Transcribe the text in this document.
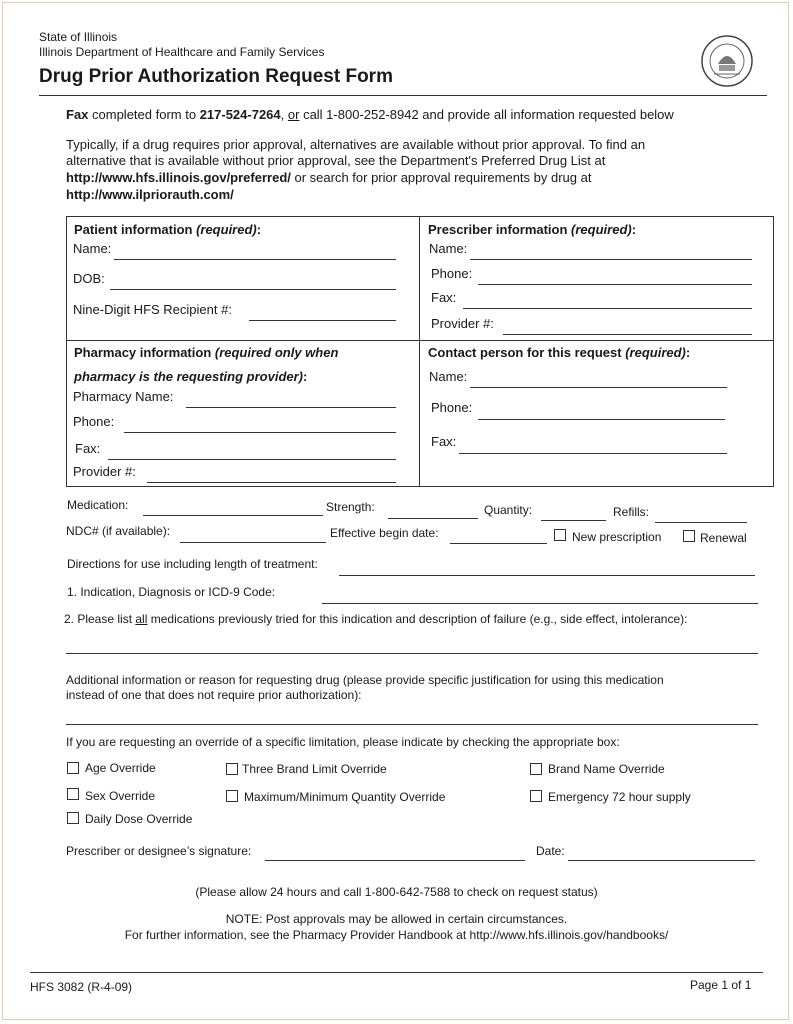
State of Illinois
Illinois Department of Healthcare and Family Services
Drug Prior Authorization Request Form
Fax completed form to 217-524-7264, or call 1-800-252-8942 and provide all information requested below
Typically, if a drug requires prior approval, alternatives are available without prior approval. To find an
alternative that is available without prior approval, see the Department's Preferred Drug List at
http://www.hfs.illinois.gov/preferred/ or search for prior approval requirements by drug at
http://www.ilpriorauth.com/
Patient information (required):
Name:
DOB:
Nine-Digit HFS Recipient #:
Prescriber information (required):
Name:
Phone:
Fax:
Provider #:
Pharmacy information (required only when
pharmacy is the requesting provider):
Pharmacy Name:
Phone:
Fax:
Provider #:
Contact person for this request (required):
Name:
Phone:
Fax:
Medication:	Strength:	Quantity:	Refills:
NDC# (if available):	Effective begin date:	New prescription	Renewal
Directions for use including length of treatment:
1. Indication, Diagnosis or ICD-9 Code:
2. Please list all medications previously tried for this indication and description of failure (e.g., side effect, intolerance):
Additional information or reason for requesting drug (please provide specific justification for using this medication
instead of one that does not require prior authorization):
If you are requesting an override of a specific limitation, please indicate by checking the appropriate box:
Age Override	Three Brand Limit Override	Brand Name Override
Sex Override	Maximum/Minimum Quantity Override	Emergency 72 hour supply
Daily Dose Override
Prescriber or designee’s signature:	Date:
(Please allow 24 hours and call 1-800-642-7588 to check on request status)
NOTE: Post approvals may be allowed in certain circumstances.
For further information, see the Pharmacy Provider Handbook at http://www.hfs.illinois.gov/handbooks/
HFS 3082 (R-4-09)	Page 1 of 1
